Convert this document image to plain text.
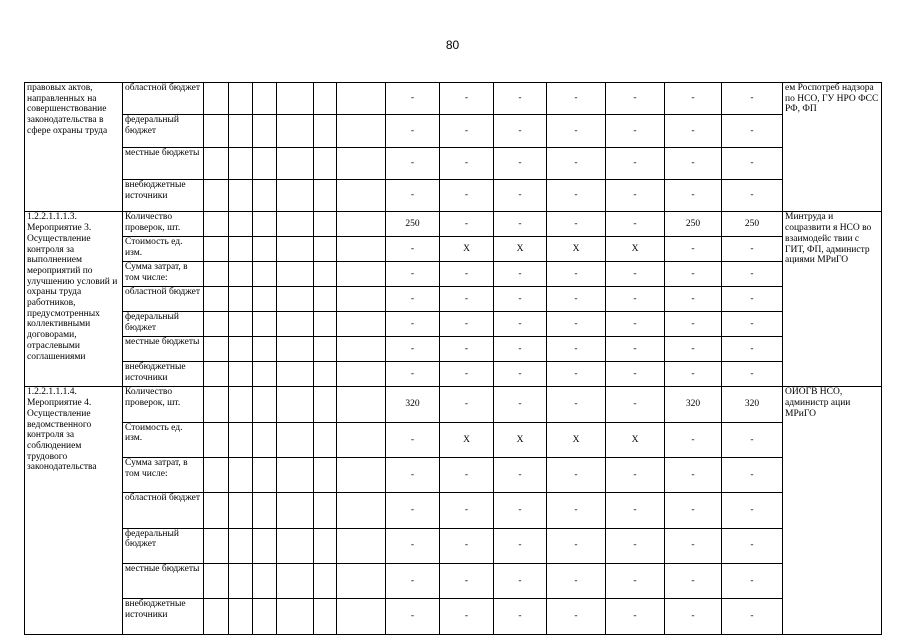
80
правовых актов, направленных на совершенствование законодательства в сфере охраны труда	областной бюджет							-	-	-	-	-	-	-	ем Роспотреб надзора по НСО, ГУ НРО ФСС РФ, ФП	
	федеральный бюджет							-	-	-	-	-	-	-		
	местные бюджеты							-	-	-	-	-	-	-		
	внебюджетные источники							-	-	-	-	-	-	-		
1.2.2.1.1.1.3. Мероприятие 3. Осуществление контроля за выполнением мероприятий по улучшению условий и охраны труда работников, предусмотренных коллективными договорами, отраслевыми соглашениями	Количество проверок, шт.							250	-	-	-	-	250	250	Минтруда и соцразвити я НСО во взаимодейс твии с ГИТ, ФП, администр ациями МРиГО	
	Стоимость ед. изм.							-	X	X	X	X	-	-		
	Сумма затрат, в том числе:							-	-	-	-	-	-	-		
	областной бюджет							-	-	-	-	-	-	-		
	федеральный бюджет							-	-	-	-	-	-	-		
	местные бюджеты							-	-	-	-	-	-	-		
	внебюджетные источники							-	-	-	-	-	-	-		
1.2.2.1.1.1.4. Мероприятие 4. Осуществление ведомственного контроля за соблюдением трудового законодательства	Количество проверок, шт.							320	-	-	-	-	320	320	ОИОГВ НСО, администр ации МРиГО	
	Стоимость ед. изм.							-	X	X	X	X	-	-		
	Сумма затрат, в том числе:							-	-	-	-	-	-	-		
	областной бюджет							-	-	-	-	-	-	-		
	федеральный бюджет							-	-	-	-	-	-	-		
	местные бюджеты							-	-	-	-	-	-	-		
	внебюджетные источники							-	-	-	-	-	-	-		
